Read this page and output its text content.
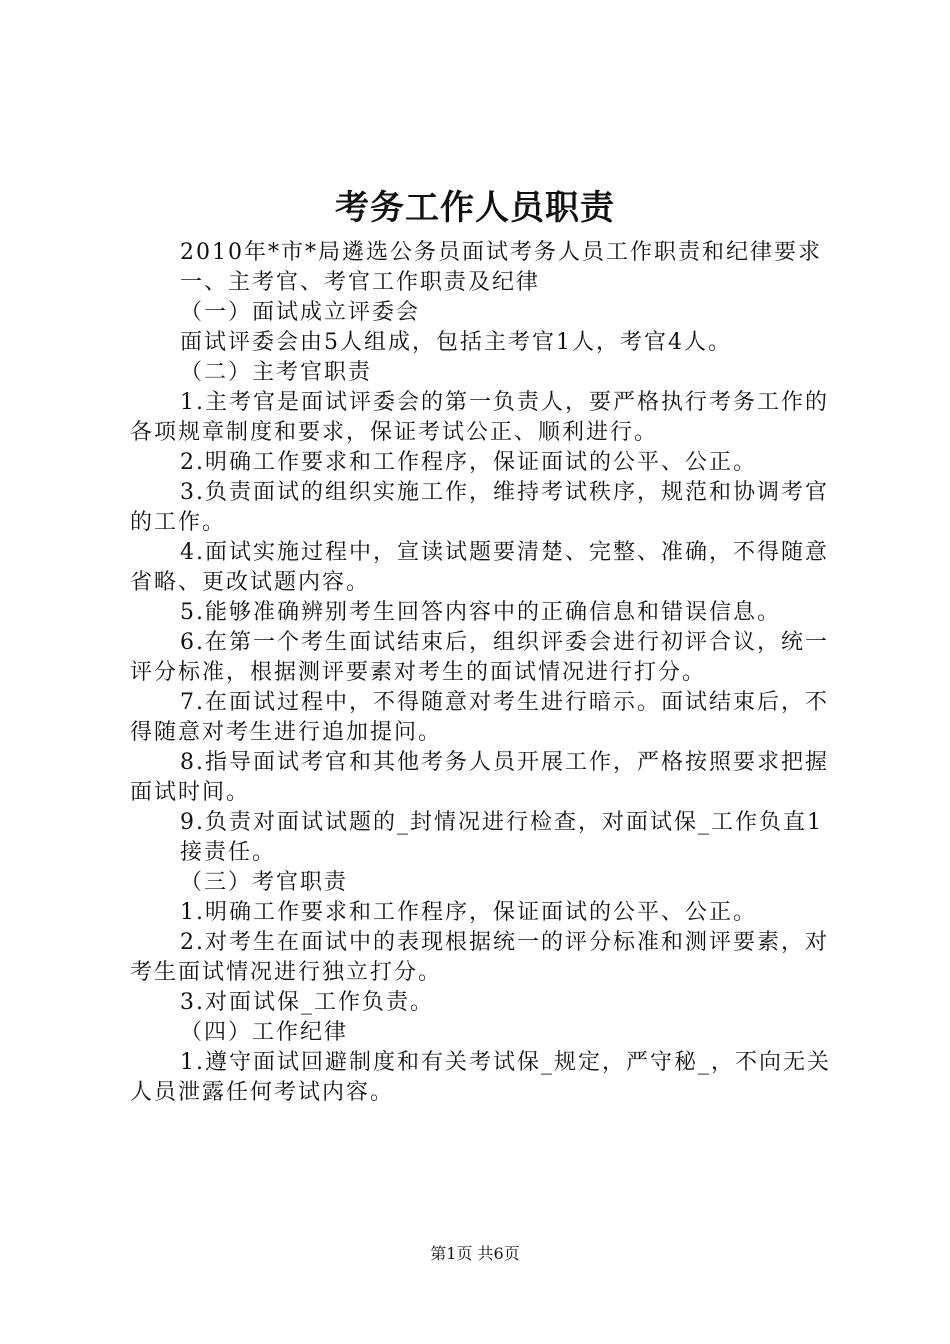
考务工作人员职责

2010年*市*局遴选公务员面试考务人员工作职责和纪律要求

一、主考官、考官工作职责及纪律

（一）面试成立评委会

面试评委会由5人组成，包括主考官1人，考官4人。

（二）主考官职责

1.主考官是面试评委会的第一负责人，要严格执行考务工作的各项规章制度和要求，保证考试公正、顺利进行。

2.明确工作要求和工作程序，保证面试的公平、公正。

3.负责面试的组织实施工作，维持考试秩序，规范和协调考官的工作。

4.面试实施过程中，宣读试题要清楚、完整、准确，不得随意省略、更改试题内容。

5.能够准确辨别考生回答内容中的正确信息和错误信息。

6.在第一个考生面试结束后，组织评委会进行初评合议，统一评分标准，根据测评要素对考生的面试情况进行打分。

7.在面试过程中，不得随意对考生进行暗示。面试结束后，不得随意对考生进行追加提问。

8.指导面试考官和其他考务人员开展工作，严格按照要求把握面试时间。

9.负责对面试试题的_封情况进行检查，对面试保_工作负直1

接责任。

（三）考官职责

1.明确工作要求和工作程序，保证面试的公平、公正。

2.对考生在面试中的表现根据统一的评分标准和测评要素，对考生面试情况进行独立打分。

3.对面试保_工作负责。

（四）工作纪律

1.遵守面试回避制度和有关考试保_规定，严守秘_，不向无关人员泄露任何考试内容。

第1页 共6页
